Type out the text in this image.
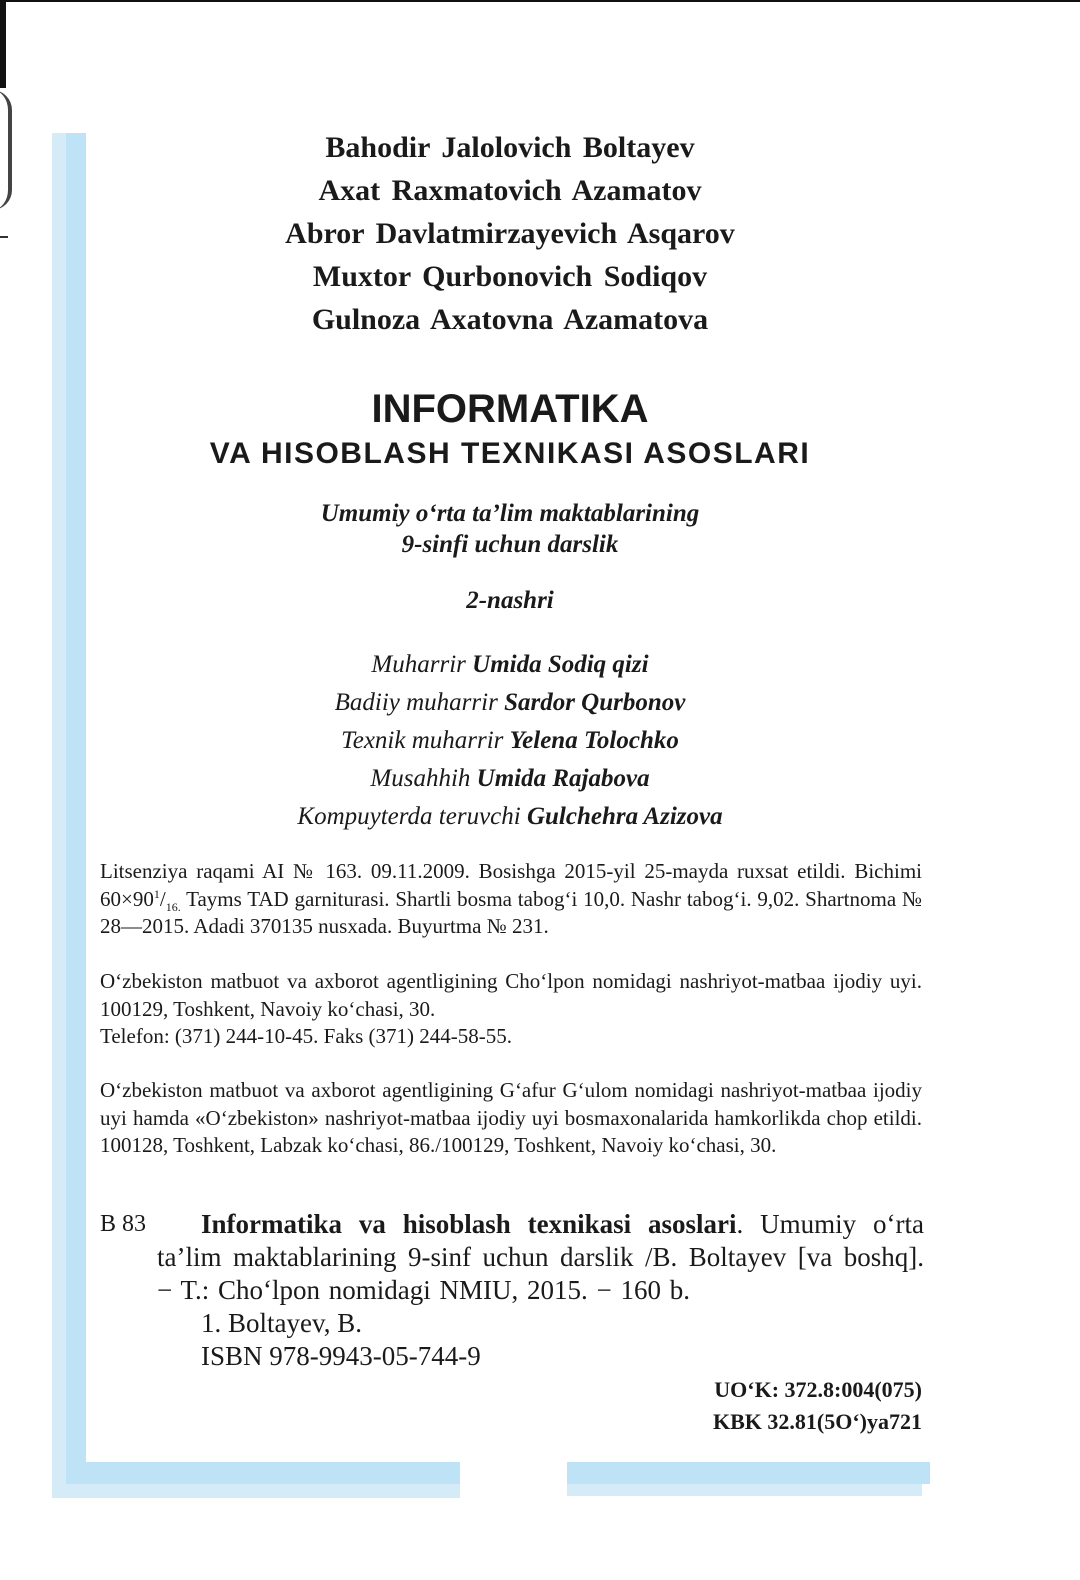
Bahodir Jalolovich Boltayev
Axat Raxmatovich Azamatov
Abror Davlatmirzayevich Asqarov
Muxtor Qurbonovich Sodiqov
Gulnoza Axatovna Azamatova
INFORMATIKA
VA HISOBLASH TEXNIKASI ASOSLARI
Umumiy o‘rta ta’lim maktablarining
9-sinfi uchun darslik
2-nashri
Muharrir Umida Sodiq qizi
Badiiy muharrir Sardor Qurbonov
Texnik muharrir Yelena Tolochko
Musahhih Umida Rajabova
Kompuyterda teruvchi Gulchehra Azizova
Litsenziya raqami AI № 163. 09.11.2009. Bosishga 2015-yil 25-mayda ruxsat etildi. Bichimi $60\times 90^1/_{16.}$ Tayms TAD garniturasi. Shartli bosma tabog‘i 10,0. Nashr tabog‘i. 9,02. Shartnoma № 28—2015. Adadi 370135 nusxada. Buyurtma № 231.
O‘zbekiston matbuot va axborot agentligining Cho‘lpon nomidagi nashriyot-matbaa ijodiy uyi. 100129, Toshkent, Navoiy ko‘chasi, 30.
Telefon: (371) 244-10-45. Faks (371) 244-58-55.
O‘zbekiston matbuot va axborot agentligining G‘afur G‘ulom nomidagi nashriyot-matbaa ijodiy uyi hamda «O‘zbekiston» nashriyot-matbaa ijodiy uyi bosmaxonalarida hamkorlikda chop etildi. 100128, Toshkent, Labzak ko‘chasi, 86./100129, Toshkent, Navoiy ko‘chasi, 30.
B 83	Informatika va hisoblash texnikasi asoslari. Umumiy o‘rta ta’lim maktablarining 9-sinf uchun darslik /B. Boltayev [va boshq]. − T.: Cho‘lpon nomidagi NMIU, 2015. − 160 b.
1. Boltayev, B.
ISBN 978-9943-05-744-9
UO‘K: 372.8:004(075)
KBK 32.81(5O‘)ya721
